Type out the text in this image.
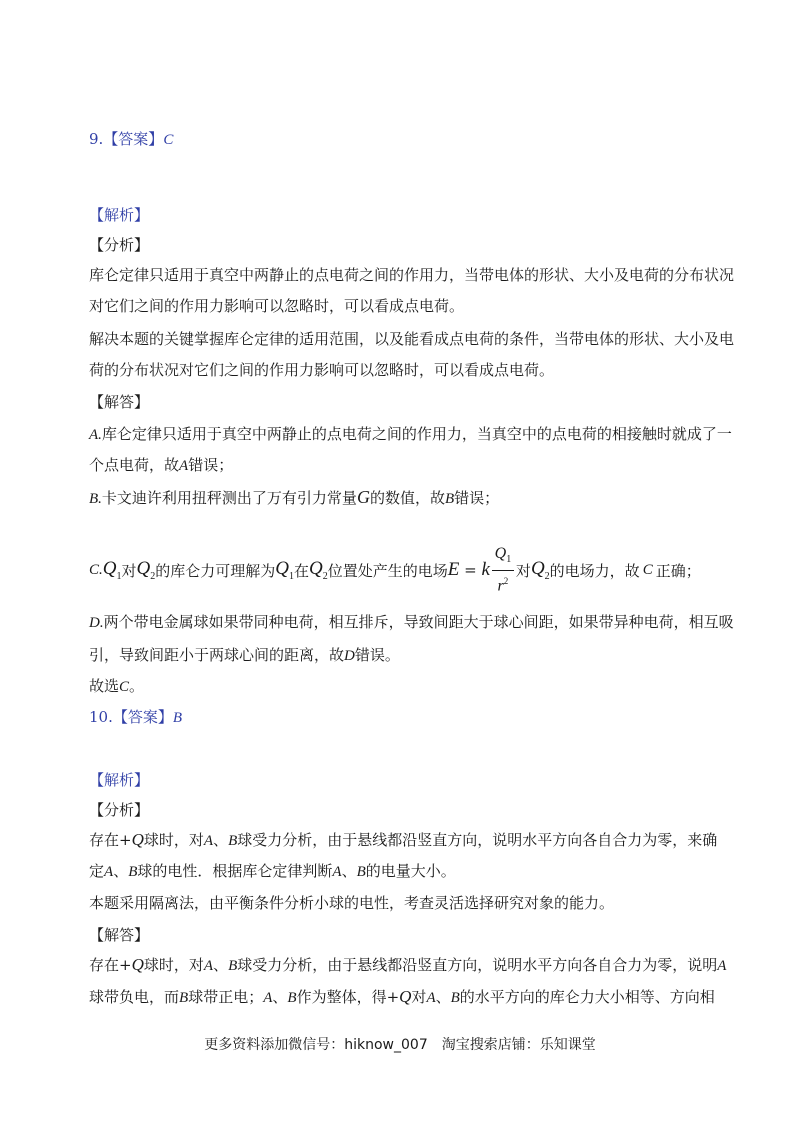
9.【答案】C
【解析】
【分析】
库仑定律只适用于真空中两静止的点电荷之间的作用力，当带电体的形状、大小及电荷的分布状况
对它们之间的作用力影响可以忽略时，可以看成点电荷。
解决本题的关键掌握库仑定律的适用范围，以及能看成点电荷的条件，当带电体的形状、大小及电
荷的分布状况对它们之间的作用力影响可以忽略时，可以看成点电荷。
【解答】
A.库仑定律只适用于真空中两静止的点电荷之间的作用力，当真空中的点电荷的相接触时就成了一
个点电荷，故A错误；
B.卡文迪许利用扭秤测出了万有引力常量G的数值，故B错误；
C. $Q_1$ 对 $Q_2$ 的库仑力可理解为 $Q_1$ 在 $Q_2$ 位置处产生的电场 E = k $\frac{Q_1}{r^2}$ 对 $Q_2$ 的电场力，故 C 正确；
D.两个带电金属球如果带同种电荷，相互排斥，导致间距大于球心间距，如果带异种电荷，相互吸
引，导致间距小于两球心间的距离，故D错误。
故选C。
10.【答案】B
【解析】
【分析】
存在+Q球时，对A、B球受力分析，由于悬线都沿竖直方向，说明水平方向各自合力为零，来确
定A、B球的电性．根据库仑定律判断A、B的电量大小。
本题采用隔离法，由平衡条件分析小球的电性，考查灵活选择研究对象的能力。
【解答】
存在+Q球时，对A、B球受力分析，由于悬线都沿竖直方向，说明水平方向各自合力为零，说明A
球带负电，而B球带正电；A、B作为整体，得+Q对A、B的水平方向的库仑力大小相等、方向相
更多资料添加微信号：hiknow_007　淘宝搜索店铺：乐知课堂
